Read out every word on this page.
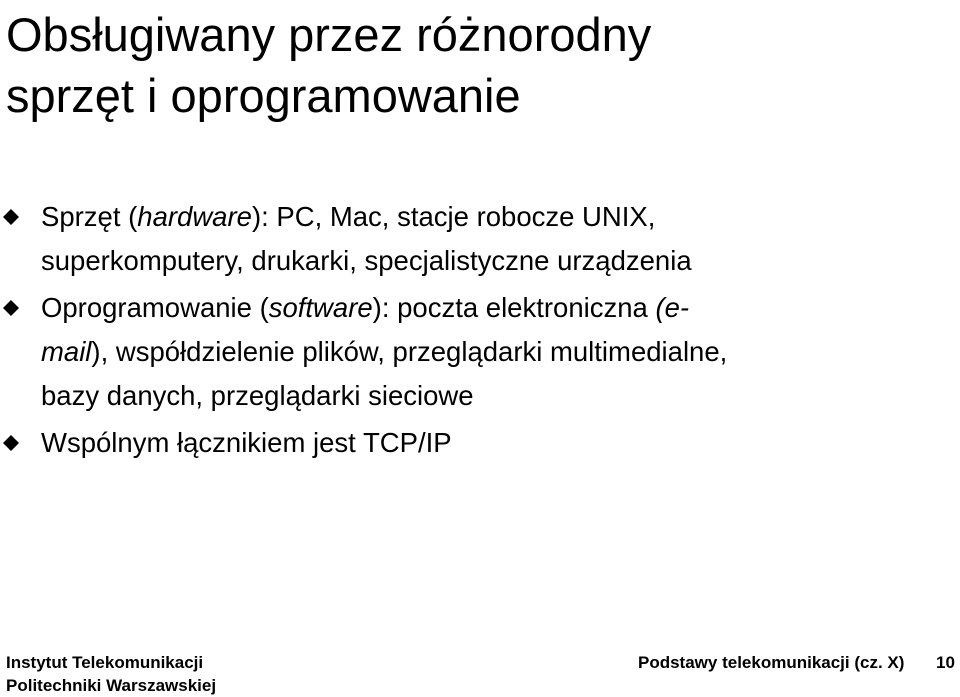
Obsługiwany przez różnorodny
sprzęt i oprogramowanie
Sprzęt (hardware): PC, Mac, stacje robocze UNIX,
superkomputery, drukarki, specjalistyczne urządzenia
Oprogramowanie (software): poczta elektroniczna (e-
mail), współdzielenie plików, przeglądarki multimedialne,
bazy danych, przeglądarki sieciowe
Wspólnym łącznikiem jest TCP/IP
Instytut Telekomunikacji
Politechniki Warszawskiej
Podstawy telekomunikacji (cz. X) 10
